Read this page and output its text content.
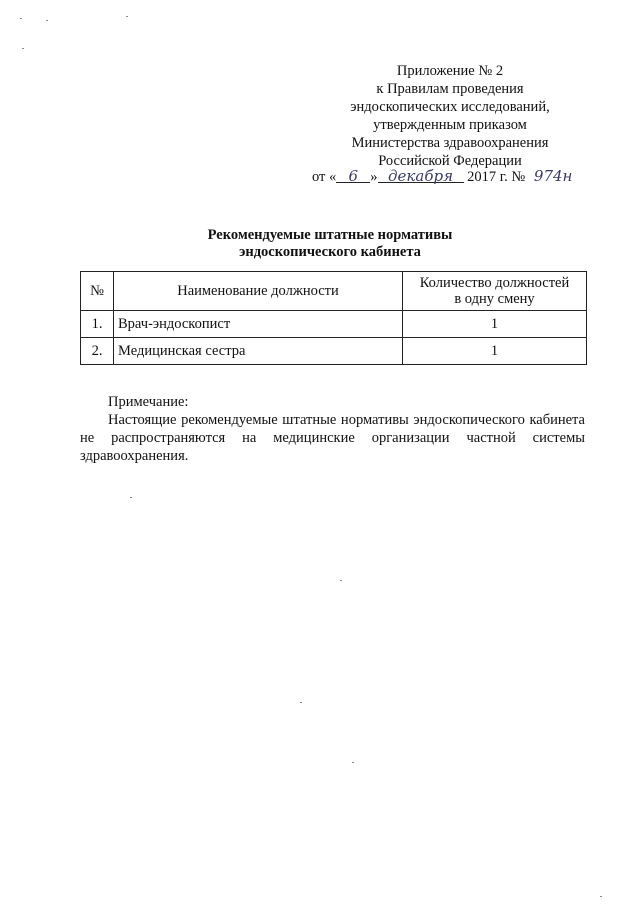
Приложение № 2
к Правилам проведения
эндоскопических исследований,
утвержденным приказом
Министерства здравоохранения
Российской Федерации
от « 6 » декабря 2017 г. № 974н
Рекомендуемые штатные нормативы
эндоскопического кабинета
№	Наименование должности	Количество должностей
в одну смену

1.	Врач-эндоскопист	1
2.	Медицинская сестра	1
Примечание:
Настоящие рекомендуемые штатные нормативы эндоскопического кабинета не распространяются на медицинские организации частной системы здравоохранения.
